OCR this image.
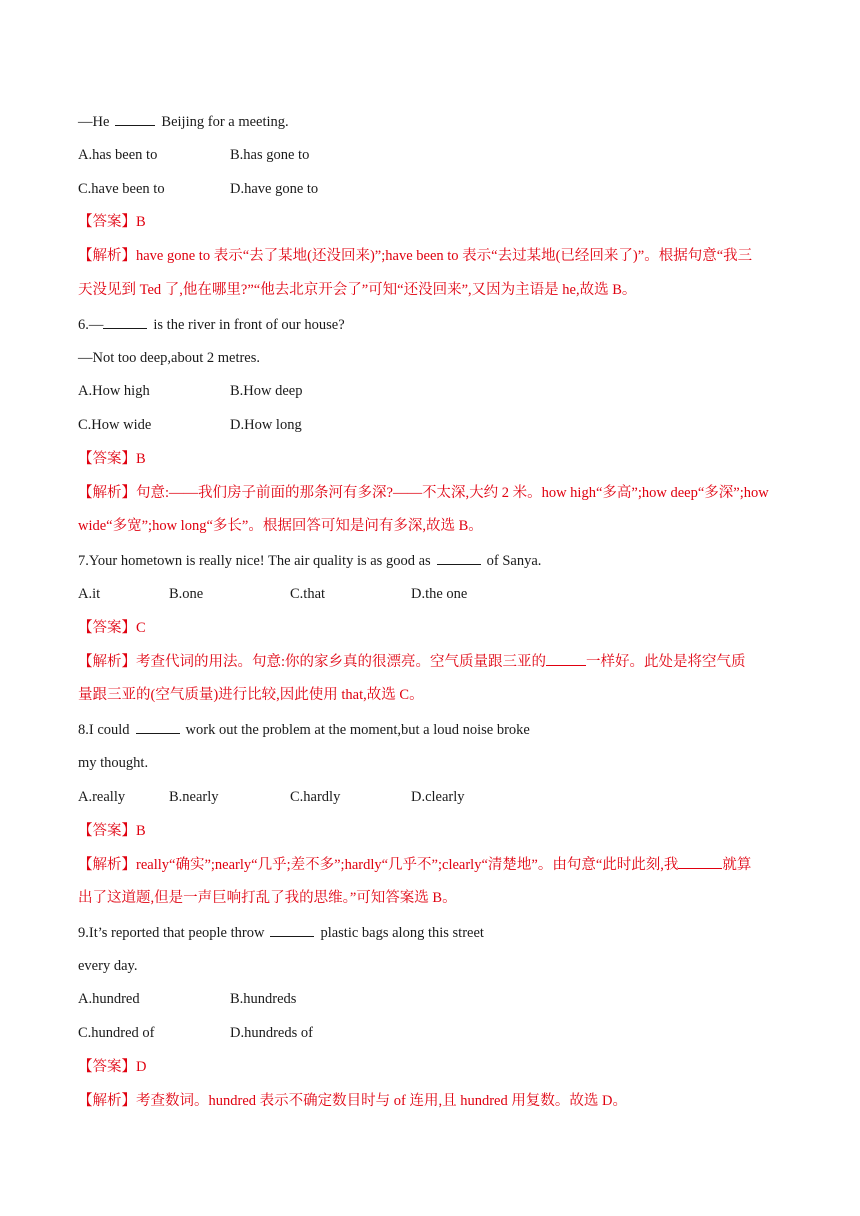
—He	Beijing for a meeting.
A.has been to	B.has gone to
C.have been to	D.have gone to
【答案】B
【解析】have gone to 表示“去了某地(还没回来)”;have been to 表示“去过某地(已经回来了)”。根据句意“我三
天没见到 Ted 了,他在哪里?”“他去北京开会了”可知“还没回来”,又因为主语是 he,故选 B。
6.—	is the river in front of our house?
—Not too deep,about 2 metres.
A.How high	B.How deep
C.How wide	D.How long
【答案】B
【解析】句意:——我们房子前面的那条河有多深?——不太深,大约 2 米。how high“多高”;how deep“多深”;how
wide“多宽”;how long“多长”。根据回答可知是问有多深,故选 B。
7.Your hometown is really nice! The air quality is as good as	of Sanya.
A.it	B.one	C.that	D.the one
【答案】C
【解析】考查代词的用法。句意:你的家乡真的很漂亮。空气质量跟三亚的	一样好。此处是将空气质
量跟三亚的(空气质量)进行比较,因此使用 that,故选 C。
8.I could	work out the problem at the moment,but a loud noise broke
my thought.
A.really	B.nearly	C.hardly	D.clearly
【答案】B
【解析】really“确实”;nearly“几乎;差不多”;hardly“几乎不”;clearly“清楚地”。由句意“此时此刻,我	就算
出了这道题,但是一声巨响打乱了我的思维。”可知答案选 B。
9.It’s reported that people throw	plastic bags along this street
every day.
A.hundred	B.hundreds
C.hundred of	D.hundreds of
【答案】D
【解析】考查数词。hundred 表示不确定数目时与 of 连用,且 hundred 用复数。故选 D。
